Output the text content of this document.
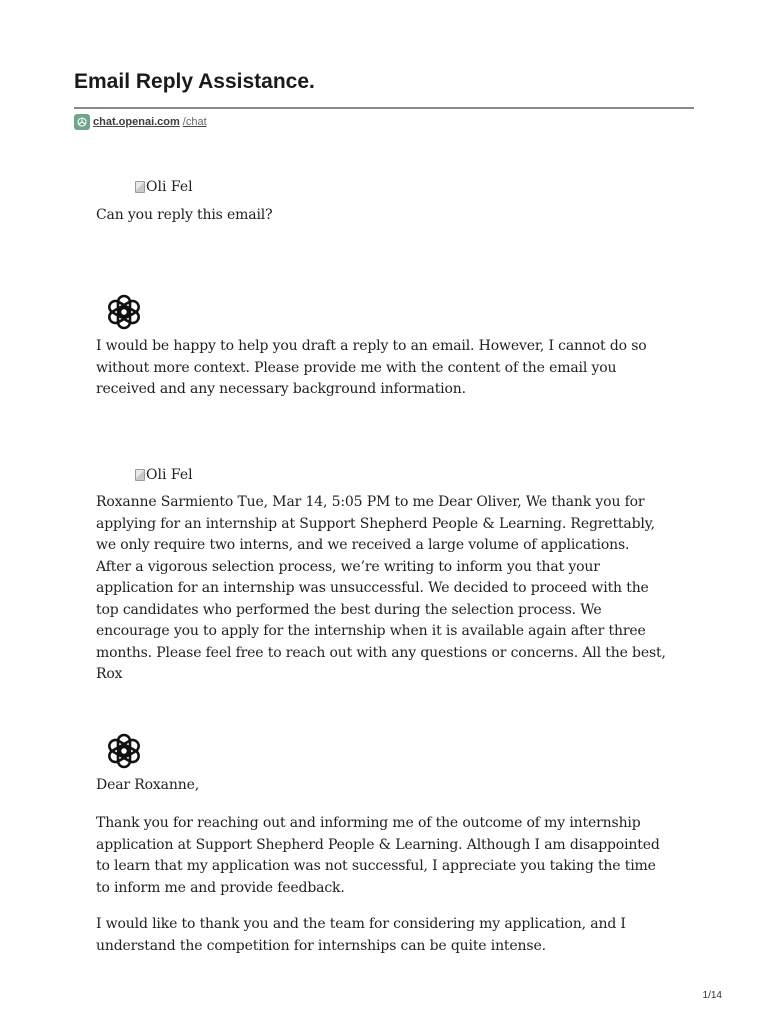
Email Reply Assistance.
chat.openai.com /chat
Oli Fel

Can you reply this email?

I would be happy to help you draft a reply to an email. However, I cannot do so without more context. Please provide me with the content of the email you received and any necessary background information.

Oli Fel

Roxanne Sarmiento Tue, Mar 14, 5:05 PM to me Dear Oliver, We thank you for applying for an internship at Support Shepherd People & Learning. Regrettably, we only require two interns, and we received a large volume of applications. After a vigorous selection process, we’re writing to inform you that your application for an internship was unsuccessful. We decided to proceed with the top candidates who performed the best during the selection process. We encourage you to apply for the internship when it is available again after three months. Please feel free to reach out with any questions or concerns. All the best, Rox

Dear Roxanne,

Thank you for reaching out and informing me of the outcome of my internship application at Support Shepherd People & Learning. Although I am disappointed to learn that my application was not successful, I appreciate you taking the time to inform me and provide feedback.

I would like to thank you and the team for considering my application, and I understand the competition for internships can be quite intense.

1/14
